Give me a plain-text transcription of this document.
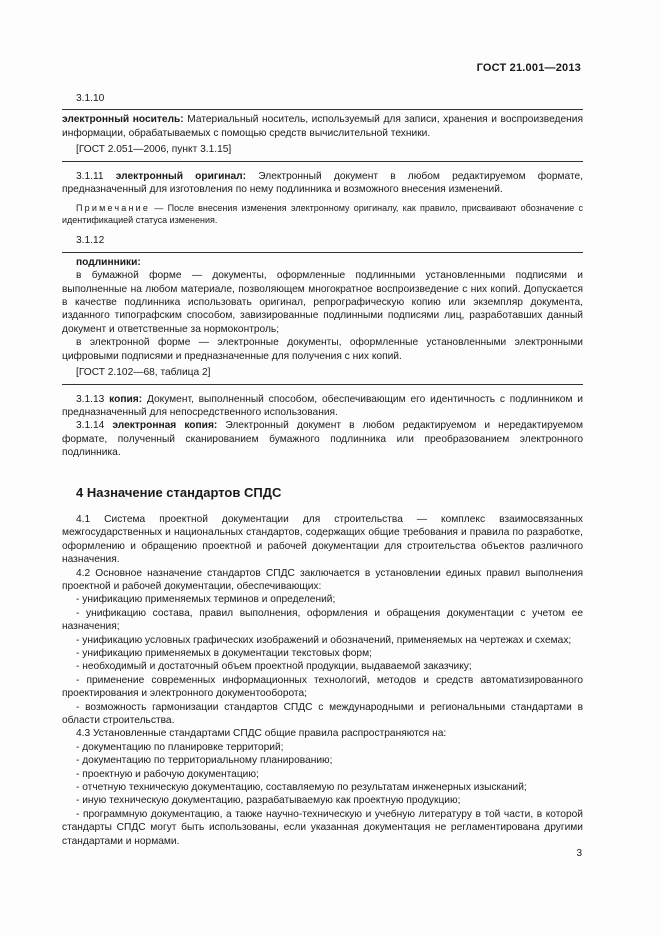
ГОСТ 21.001—2013

3.1.10

электронный носитель: Материальный носитель, используемый для записи, хранения и воспроизведения информации, обрабатываемых с помощью средств вычислительной техники.

[ГОСТ 2.051—2006, пункт 3.1.15]

3.1.11 электронный оригинал: Электронный документ в любом редактируемом формате, предназначенный для изготовления по нему подлинника и возможного внесения изменений.

Примечание — После внесения изменения электронному оригиналу, как правило, присваивают обозначение с идентификацией статуса изменения.

3.1.12

подлинники:

в бумажной форме — документы, оформленные подлинными установленными подписями и выполненные на любом материале, позволяющем многократное воспроизведение с них копий. Допускается в качестве подлинника использовать оригинал, репрографическую копию или экземпляр документа, изданного типографским способом, завизированные подлинными подписями лиц, разработавших данный документ и ответственные за нормоконтроль;

в электронной форме — электронные документы, оформленные установленными электронными цифровыми подписями и предназначенные для получения с них копий.

[ГОСТ 2.102—68, таблица 2]

3.1.13 копия: Документ, выполненный способом, обеспечивающим его идентичность с подлинником и предназначенный для непосредственного использования.

3.1.14 электронная копия: Электронный документ в любом редактируемом и нередактируемом формате, полученный сканированием бумажного подлинника или преобразованием электронного подлинника.

4 Назначение стандартов СПДС

4.1 Система проектной документации для строительства — комплекс взаимосвязанных межгосударственных и национальных стандартов, содержащих общие требования и правила по разработке, оформлению и обращению проектной и рабочей документации для строительства объектов различного назначения.

4.2 Основное назначение стандартов СПДС заключается в установлении единых правил выполнения проектной и рабочей документации, обеспечивающих:

- унификацию применяемых терминов и определений;

- унификацию состава, правил выполнения, оформления и обращения документации с учетом ее назначения;

- унификацию условных графических изображений и обозначений, применяемых на чертежах и схемах;

- унификацию применяемых в документации текстовых форм;

- необходимый и достаточный объем проектной продукции, выдаваемой заказчику;

- применение современных информационных технологий, методов и средств автоматизированного проектирования и электронного документооборота;

- возможность гармонизации стандартов СПДС с международными и региональными стандартами в области строительства.

4.3 Установленные стандартами СПДС общие правила распространяются на:

- документацию по планировке территорий;

- документацию по территориальному планированию;

- проектную и рабочую документацию;

- отчетную техническую документацию, составляемую по результатам инженерных изысканий;

- иную техническую документацию, разрабатываемую как проектную продукцию;

- программную документацию, а также научно-техническую и учебную литературу в той части, в которой стандарты СПДС могут быть использованы, если указанная документация не регламентирована другими стандартами и нормами.

3
